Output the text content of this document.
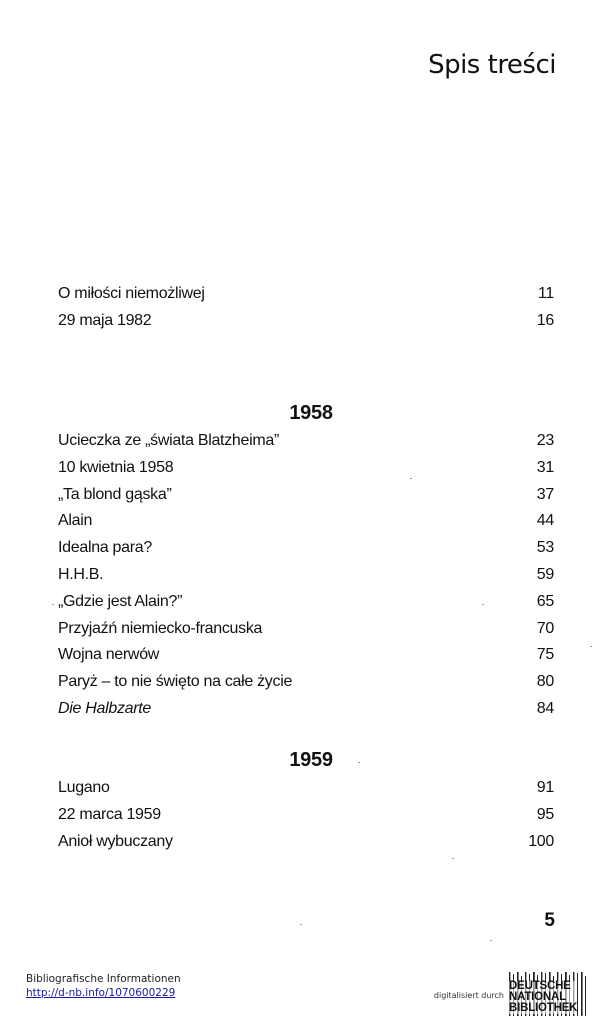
Spis treści
O miłości niemożliwej	11
29 maja 1982	16
1958
Ucieczka ze „świata Blatzheima”	23
10 kwietnia 1958	31
„Ta blond gąska”	37
Alain	44
Idealna para?	53
H.H.B.	59
„Gdzie jest Alain?”	65
Przyjaźń niemiecko-francuska	70
Wojna nerwów	75
Paryż – to nie święto na całe życie	80
Die Halbzarte	84
1959
Lugano	91
22 marca 1959	95
Anioł wybuczany	100
5
Bibliografische Informationen
http://d-nb.info/1070600229	digitalisiert durch
DEUTSCHE
NATIONAL
BIBLIOTHEK
